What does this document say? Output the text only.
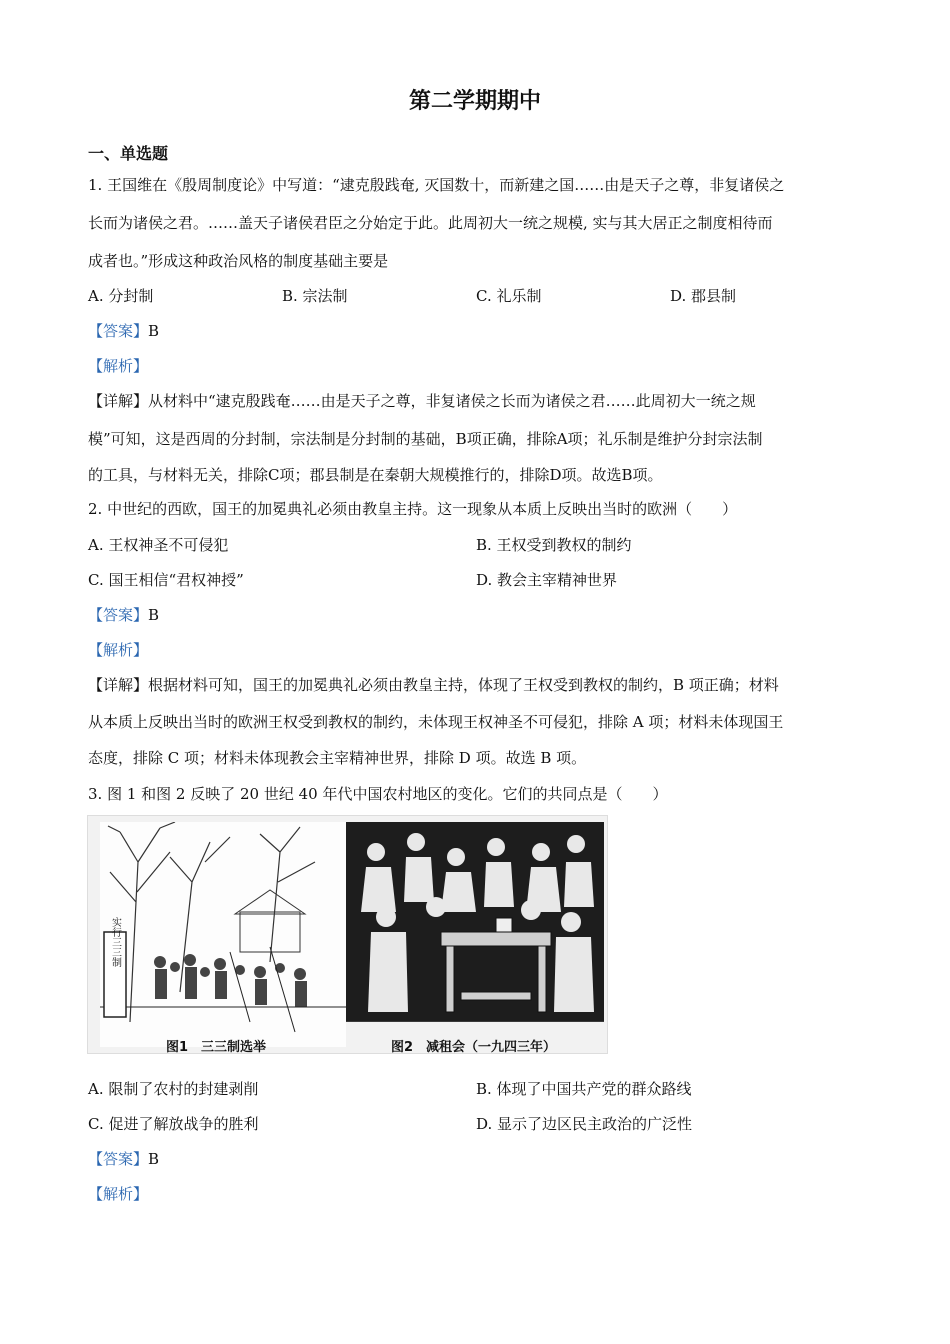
第二学期期中
一、单选题
1. 王国维在《殷周制度论》中写道：“逮克殷践奄, 灭国数十，而新建之国……由是天子之尊，非复诸侯之
长而为诸侯之君。……盖天子诸侯君臣之分始定于此。此周初大一统之规模, 实与其大居正之制度相待而
成者也。”形成这种政治风格的制度基础主要是
A. 分封制	B. 宗法制	C. 礼乐制	D. 郡县制
【答案】B
【解析】
【详解】从材料中“逮克殷践奄……由是天子之尊，非复诸侯之长而为诸侯之君……此周初大一统之规
模”可知，这是西周的分封制，宗法制是分封制的基础，B项正确，排除A项；礼乐制是维护分封宗法制
的工具，与材料无关，排除C项；郡县制是在秦朝大规模推行的，排除D项。故选B项。
2. 中世纪的西欧，国王的加冕典礼必须由教皇主持。这一现象从本质上反映出当时的欧洲（　　）
A. 王权神圣不可侵犯	B. 王权受到教权的制约
C. 国王相信“君权神授”	D. 教会主宰精神世界
【答案】B
【解析】
【详解】根据材料可知，国王的加冕典礼必须由教皇主持，体现了王权受到教权的制约，B 项正确；材料
从本质上反映出当时的欧洲王权受到教权的制约，未体现王权神圣不可侵犯，排除 A 项；材料未体现国王
态度，排除 C 项；材料未体现教会主宰精神世界，排除 D 项。故选 B 项。
3. 图 1 和图 2 反映了 20 世纪 40 年代中国农村地区的变化。它们的共同点是（　　）
实行三三制
图1　三三制选举	图2　减租会（一九四三年）
A. 限制了农村的封建剥削	B. 体现了中国共产党的群众路线
C. 促进了解放战争的胜利	D. 显示了边区民主政治的广泛性
【答案】B
【解析】
